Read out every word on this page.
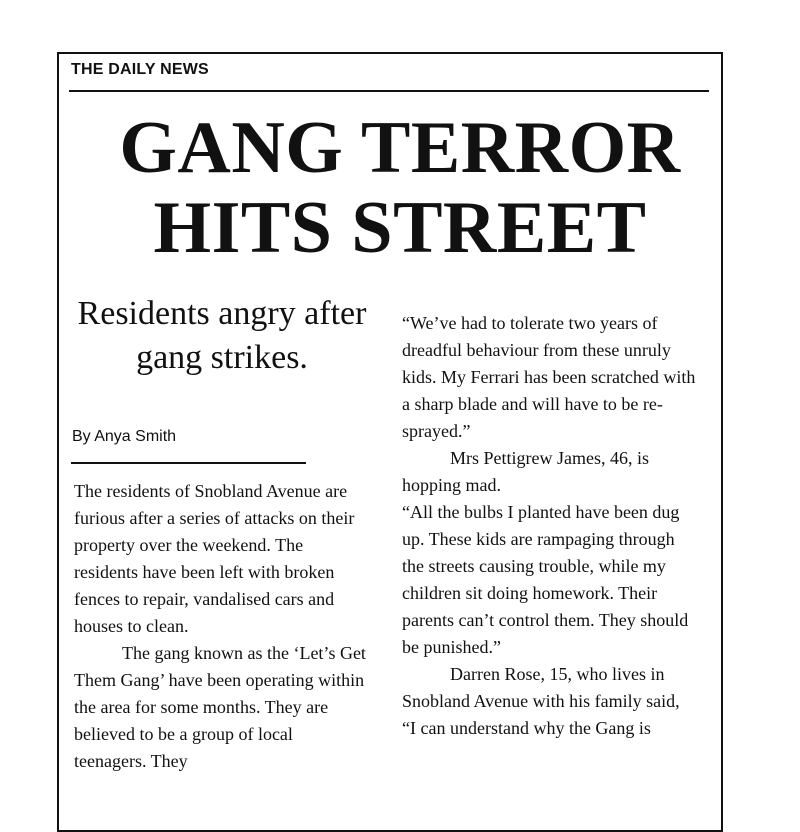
THE DAILY NEWS
GANG TERROR
HITS STREET
Residents angry after gang strikes.
By Anya Smith

The residents of Snobland Avenue are furious after a series of attacks on their property over the weekend. The residents have been left with broken fences to repair, vandalised cars and houses to clean.

The gang known as the ‘Let’s Get Them Gang’ have been operating within the area for some months. They are believed to be a group of local teenagers. They

“We’ve had to tolerate two years of dreadful behaviour from these unruly kids. My Ferrari has been scratched with a sharp blade and will have to be re-sprayed.”

Mrs Pettigrew James, 46, is hopping mad.

“All the bulbs I planted have been dug up. These kids are rampaging through the streets causing trouble, while my children sit doing homework. Their parents can’t control them. They should be punished.”

Darren Rose, 15, who lives in Snobland Avenue with his family said,

“I can understand why the Gang is
